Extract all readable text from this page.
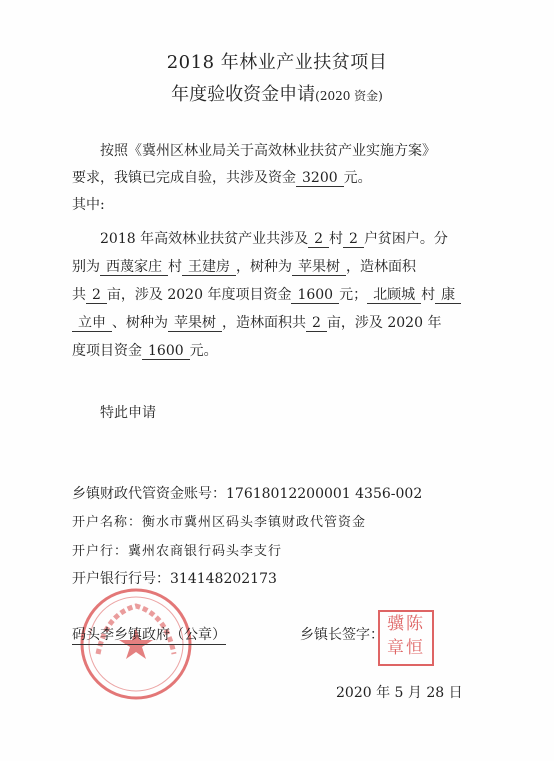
2018 年林业产业扶贫项目
年度验收资金申请(2020 资金)
按照《冀州区林业局关于高效林业扶贫产业实施方案》
要求，我镇已完成自验，共涉及资金 3200 元。
其中:
2018 年高效林业扶贫产业共涉及 2 村 2 户贫困户。分
别为 西蔑家庄 村 王建房 ，树种为 苹果树 ，造林面积
共 2 亩，涉及 2020 年度项目资金 1600 元； 北顾城 村 康
立申 、树种为 苹果树 ，造林面积共 2 亩，涉及 2020 年
度项目资金 1600 元。
特此申请
乡镇财政代管资金账号：17618012200001 4356-002
开户名称：衡水市冀州区码头李镇财政代管资金
开户行：冀州农商银行码头李支行
开户银行行号：314148202173
码头李乡镇政府（公章）	乡镇长签字：
骥陈
章恒
2020 年 5 月 28 日
